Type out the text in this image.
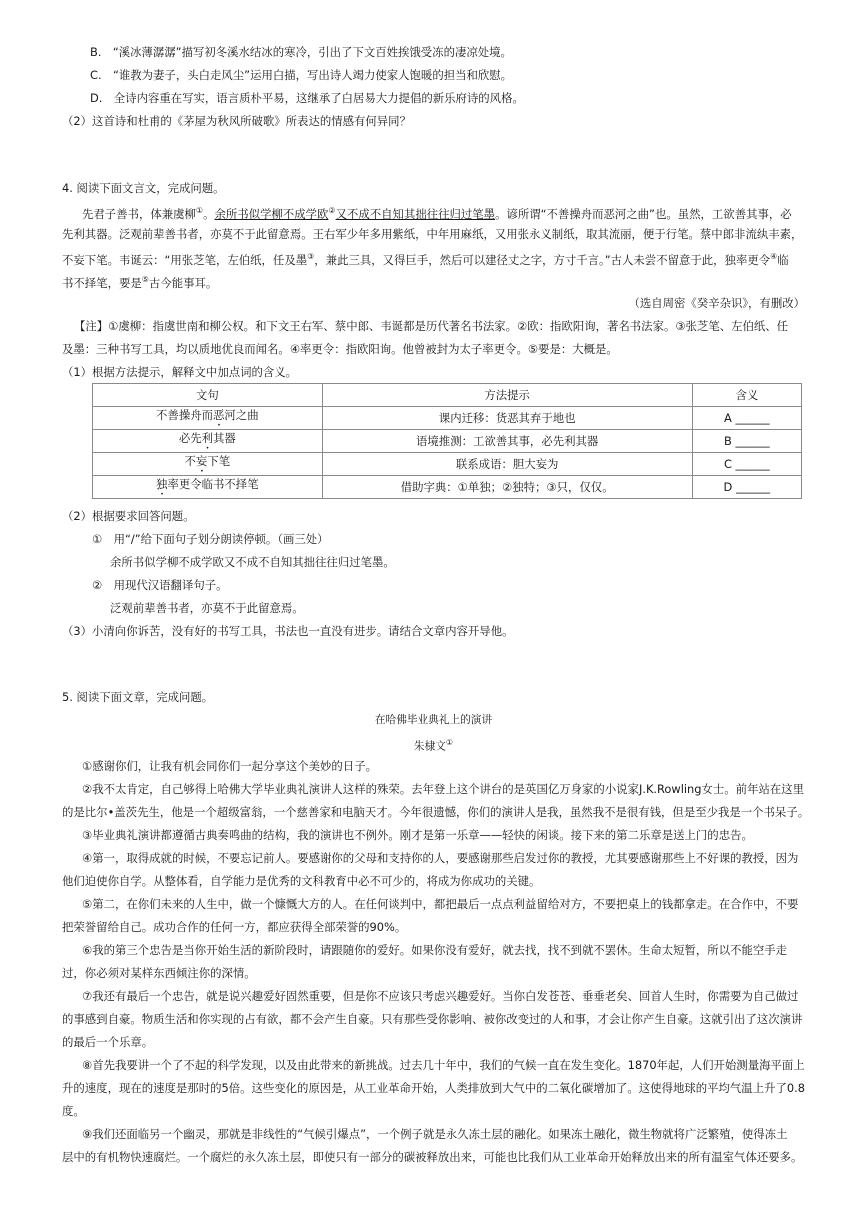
B.　“溪冰薄潺潺”描写初冬溪水结冰的寒冷，引出了下文百姓挨饿受冻的凄凉处境。
C.　“谁教为妻子，头白走风尘”运用白描，写出诗人竭力使家人饱暖的担当和欣慰。
D.　全诗内容重在写实，语言质朴平易，这继承了白居易大力提倡的新乐府诗的风格。
（2）这首诗和杜甫的《茅屋为秋风所破歌》所表达的情感有何异同？
4. 阅读下面文言文，完成问题。
先君子善书，体兼虞柳①。余所书似学柳不成学欧②又不成不自知其拙往往归过笔墨。谚所谓“不善操舟而恶河之曲”也。虽然，工欲善其事，必
先利其器。泛观前辈善书者，亦莫不于此留意焉。王右军少年多用紫纸，中年用麻纸，又用张永义制纸，取其流丽，便于行笔。蔡中郎非流纨丰素，
不妄下笔。韦诞云：“用张芝笔，左伯纸，任及墨③，兼此三具，又得巨手，然后可以建径丈之字，方寸千言。”古人未尝不留意于此，独率更令④临
书不择笔，要是⑤古今能事耳。
（选自周密《癸辛杂识》，有删改）
【注】①虞柳：指虞世南和柳公权。和下文王右军、蔡中郎、韦诞都是历代著名书法家。②欧：指欧阳询，著名书法家。③张芝笔、左伯纸、任
及墨：三种书写工具，均以质地优良而闻名。④率更令：指欧阳询。他曾被封为太子率更令。⑤要是：大概是。
（1）根据方法提示，解释文中加点词的含义。
文句	方法提示	含义
不善操舟而恶河之曲	课内迁移：货恶其弃于地也	A ______
必先利其器	语境推测：工欲善其事，必先利其器	B ______
不妄下笔	联系成语：胆大妄为	C ______
独率更令临书不择笔	借助字典：①单独；②独特；③只，仅仅。	D ______
（2）根据要求回答问题。
①　用“/”给下面句子划分朗读停顿。（画三处）
余所书似学柳不成学欧又不成不自知其拙往往归过笔墨。
②　用现代汉语翻译句子。
泛观前辈善书者，亦莫不于此留意焉。
（3）小清向你诉苦，没有好的书写工具，书法也一直没有进步。请结合文章内容开导他。
5. 阅读下面文章，完成问题。
在哈佛毕业典礼上的演讲
朱棣文①
①感谢你们，让我有机会同你们一起分享这个美妙的日子。
②我不太肯定，自己够得上哈佛大学毕业典礼演讲人这样的殊荣。去年登上这个讲台的是英国亿万身家的小说家J.K.Rowling女士。前年站在这里
的是比尔•盖茨先生，他是一个超级富翁，一个慈善家和电脑天才。今年很遗憾，你们的演讲人是我，虽然我不是很有钱，但是至少我是一个书呆子。
③毕业典礼演讲都遵循古典奏鸣曲的结构，我的演讲也不例外。刚才是第一乐章——轻快的闲谈。接下来的第二乐章是送上门的忠告。
④第一，取得成就的时候，不要忘记前人。要感谢你的父母和支持你的人，要感谢那些启发过你的教授，尤其要感谢那些上不好课的教授，因为
他们迫使你自学。从整体看，自学能力是优秀的文科教育中必不可少的，将成为你成功的关键。
⑤第二，在你们未来的人生中，做一个慷慨大方的人。在任何谈判中，都把最后一点点利益留给对方，不要把桌上的钱都拿走。在合作中，不要
把荣誉留给自己。成功合作的任何一方，都应获得全部荣誉的90%。
⑥我的第三个忠告是当你开始生活的新阶段时，请跟随你的爱好。如果你没有爱好，就去找，找不到就不罢休。生命太短暂，所以不能空手走
过，你必须对某样东西倾注你的深情。
⑦我还有最后一个忠告，就是说兴趣爱好固然重要，但是你不应该只考虑兴趣爱好。当你白发苍苍、垂垂老矣、回首人生时，你需要为自己做过
的事感到自豪。物质生活和你实现的占有欲，都不会产生自豪。只有那些受你影响、被你改变过的人和事，才会让你产生自豪。这就引出了这次演讲
的最后一个乐章。
⑧首先我要讲一个了不起的科学发现，以及由此带来的新挑战。过去几十年中，我们的气候一直在发生变化。1870年起，人们开始测量海平面上
升的速度，现在的速度是那时的5倍。这些变化的原因是，从工业革命开始，人类排放到大气中的二氧化碳增加了。这使得地球的平均气温上升了0.8
度。
⑨我们还面临另一个幽灵，那就是非线性的“气候引爆点”，一个例子就是永久冻土层的融化。如果冻土融化，微生物就将广泛繁殖，使得冻土
层中的有机物快速腐烂。一个腐烂的永久冻土层，即使只有一部分的碳被释放出来，可能也比我们从工业革命开始释放出来的所有温室气体还要多。
